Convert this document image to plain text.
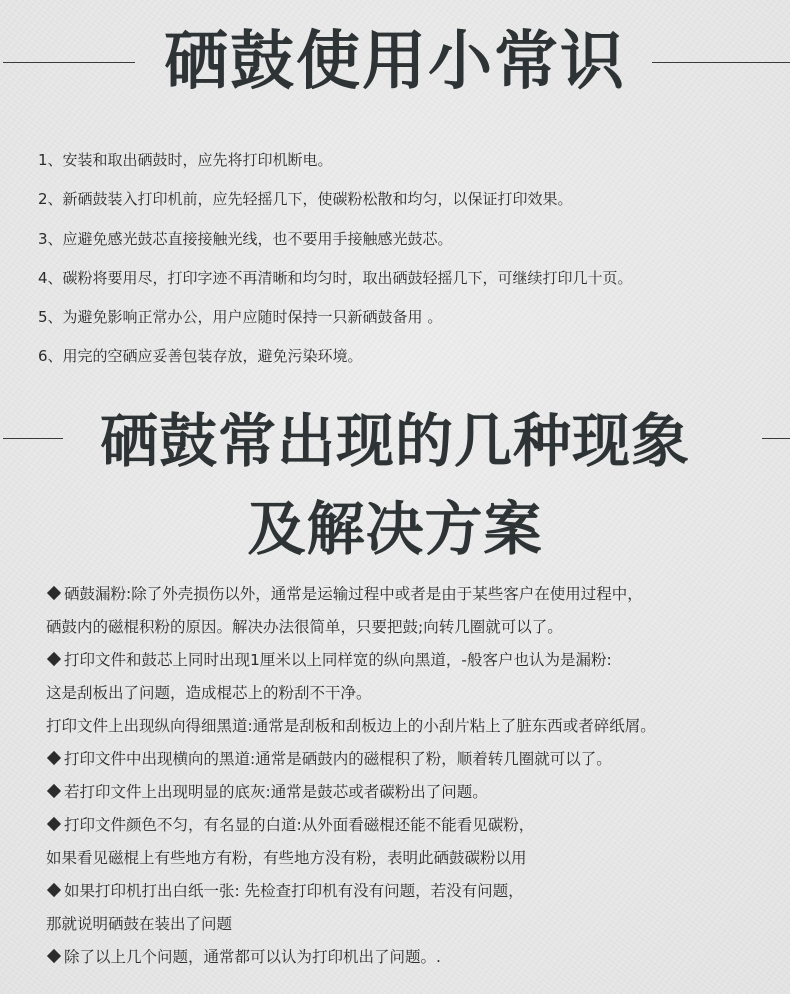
硒鼓使用小常识
1、安装和取出硒鼓时，应先将打印机断电。
2、新硒鼓装入打印机前，应先轻摇几下，使碳粉松散和均匀，以保证打印效果。
3、应避免感光鼓芯直接接触光线，也不要用手接触感光鼓芯。
4、碳粉将要用尽，打印字迹不再清晰和均匀时，取出硒鼓轻摇几下，可继续打印几十页。
5、为避免影响正常办公，用户应随时保持一只新硒鼓备用 。
6、用完的空硒应妥善包装存放，避免污染环境。
硒鼓常出现的几种现象
及解决方案
硒鼓漏粉:除了外壳损伤以外，通常是运输过程中或者是由于某些客户在使用过程中，
硒鼓内的磁棍积粉的原因。解决办法很简单，只要把鼓;向转几圈就可以了。
打印文件和鼓芯上同时出现1厘米以上同样宽的纵向黑道，-般客户也认为是漏粉:
这是刮板出了问题，造成棍芯上的粉刮不干净。
打印文件上出现纵向得细黑道:通常是刮板和刮板边上的小刮片粘上了脏东西或者碎纸屑。
打印文件中出现横向的黑道:通常是硒鼓内的磁棍积了粉，顺着转几圈就可以了。
若打印文件上出现明显的底灰:通常是鼓芯或者碳粉出了问题。
打印文件颜色不匀，有名显的白道:从外面看磁棍还能不能看见碳粉，
如果看见磁棍上有些地方有粉，有些地方没有粉，表明此硒鼓碳粉以用
如果打印机打出白纸一张: 先检查打印机有没有问题，若没有问题，
那就说明硒鼓在装出了问题
除了以上几个问题，通常都可以认为打印机出了问题。.
